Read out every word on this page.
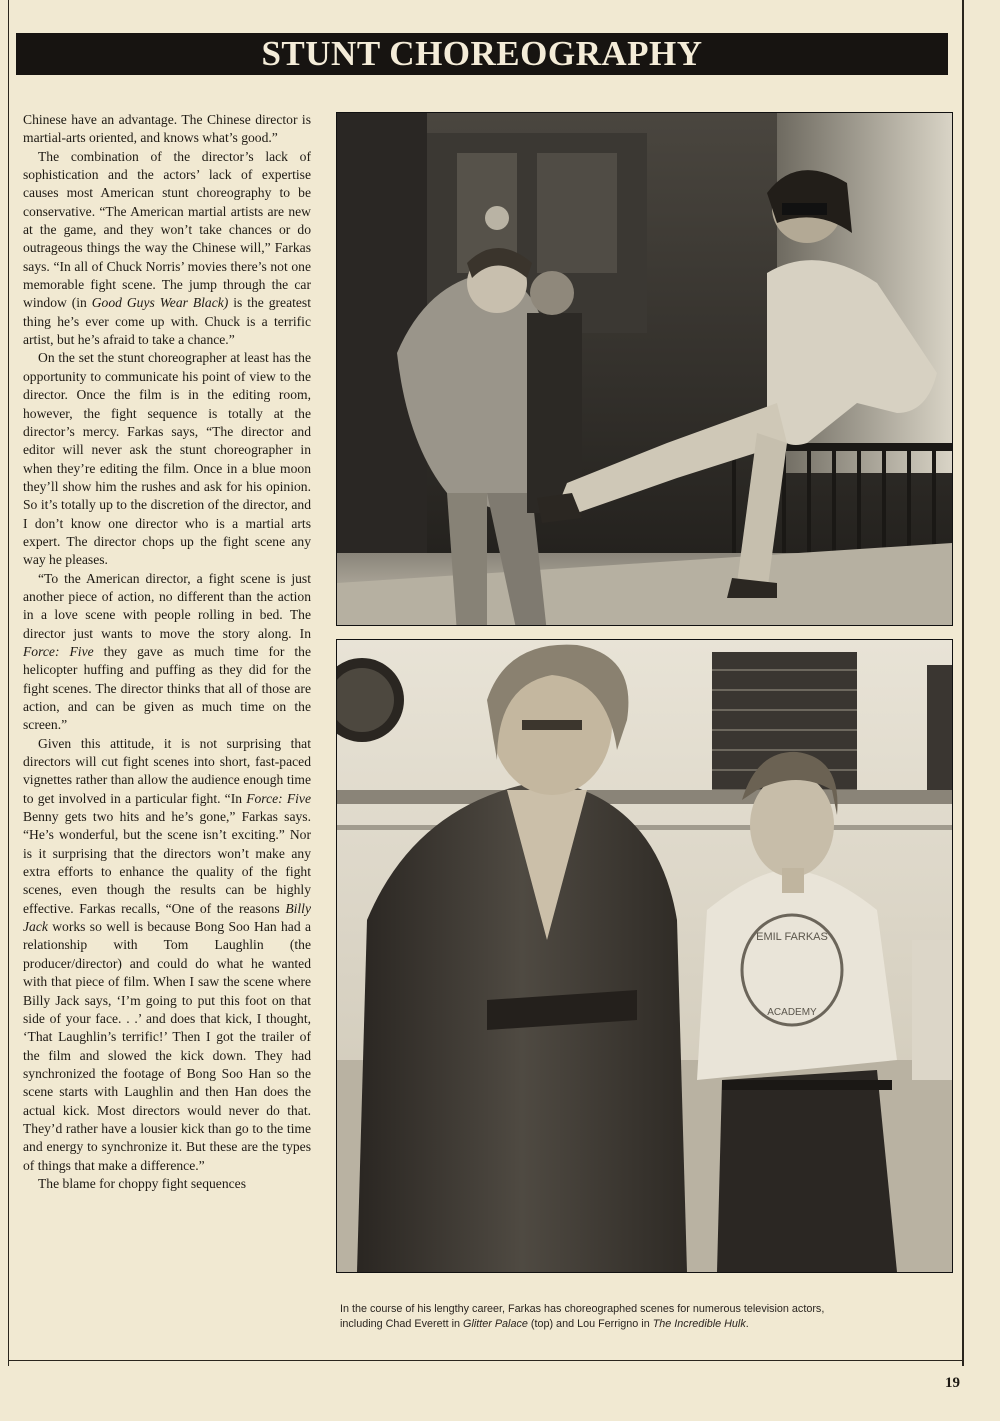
STUNT CHOREOGRAPHY

Chinese have an advantage. The Chinese director is martial-arts oriented, and knows what’s good.”

The combination of the director’s lack of sophistication and the actors’ lack of expertise causes most American stunt choreography to be conservative. “The American martial artists are new at the game, and they won’t take chances or do outrageous things the way the Chinese will,” Farkas says. “In all of Chuck Norris’ movies there’s not one memorable fight scene. The jump through the car window (in Good Guys Wear Black) is the greatest thing he’s ever come up with. Chuck is a terrific artist, but he’s afraid to take a chance.”

On the set the stunt choreographer at least has the opportunity to communicate his point of view to the director. Once the film is in the editing room, however, the fight sequence is totally at the director’s mercy. Farkas says, “The director and editor will never ask the stunt choreographer in when they’re editing the film. Once in a blue moon they’ll show him the rushes and ask for his opinion. So it’s totally up to the discretion of the director, and I don’t know one director who is a martial arts expert. The director chops up the fight scene any way he pleases.

“To the American director, a fight scene is just another piece of action, no different than the action in a love scene with people rolling in bed. The director just wants to move the story along. In Force: Five they gave as much time for the helicopter huffing and puffing as they did for the fight scenes. The director thinks that all of those are action, and can be given as much time on the screen.”

Given this attitude, it is not surprising that directors will cut fight scenes into short, fast-paced vignettes rather than allow the audience enough time to get involved in a particular fight. “In Force: Five Benny gets two hits and he’s gone,” Farkas says. “He’s wonderful, but the scene isn’t exciting.” Nor is it surprising that the directors won’t make any extra efforts to enhance the quality of the fight scenes, even though the results can be highly effective. Farkas recalls, “One of the reasons Billy Jack works so well is because Bong Soo Han had a relationship with Tom Laughlin (the producer/director) and could do what he wanted with that piece of film. When I saw the scene where Billy Jack says, ‘I’m going to put this foot on that side of your face. . .’ and does that kick, I thought, ‘That Laughlin’s terrific!’ Then I got the trailer of the film and slowed the kick down. They had synchronized the footage of Bong Soo Han so the scene starts with Laughlin and then Han does the actual kick. Most directors would never do that. They’d rather have a lousier kick than go to the time and energy to synchronize it. But these are the types of things that make a difference.”

The blame for choppy fight sequences

EMIL FARKAS
ACADEMY
In the course of his lengthy career, Farkas has choreographed scenes for numerous television actors,
including Chad Everett in Glitter Palace (top) and Lou Ferrigno in The Incredible Hulk.
19
